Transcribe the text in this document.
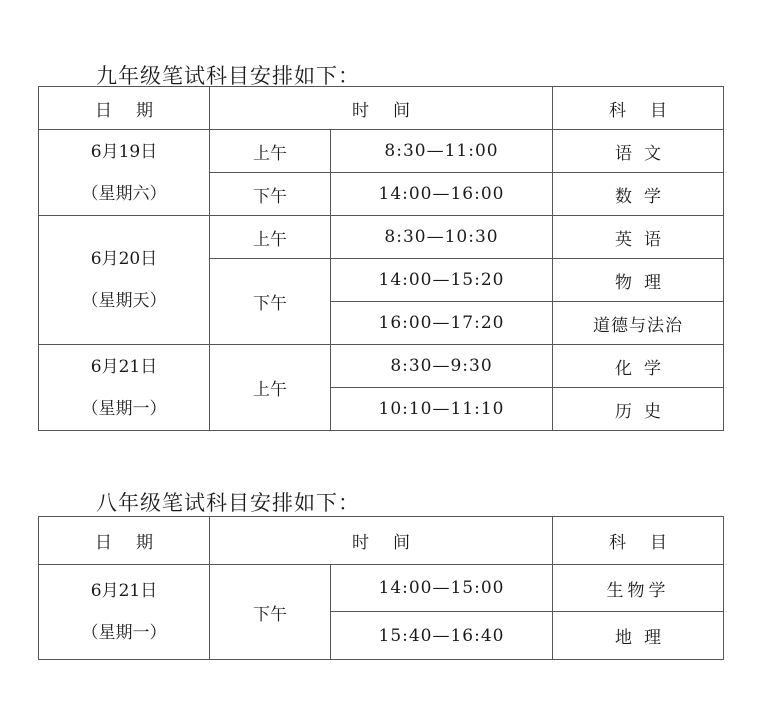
九年级笔试科目安排如下：
日期	时间		科目

6月19日
（星期六）	上午	8:30—11:00	语文
	下午	14:00—16:00	数学

6月20日
（星期天）	上午	8:30—10:30	英语
	下午	14:00—15:20	物理
		16:00—17:20	道德与法治

6月21日
（星期一）	上午	8:30—9:30	化学
		10:10—11:10	历史
八年级笔试科目安排如下：
日期	时间		科目

6月21日
（星期一）	下午	14:00—15:00	生物学
		15:40—16:40	地理
